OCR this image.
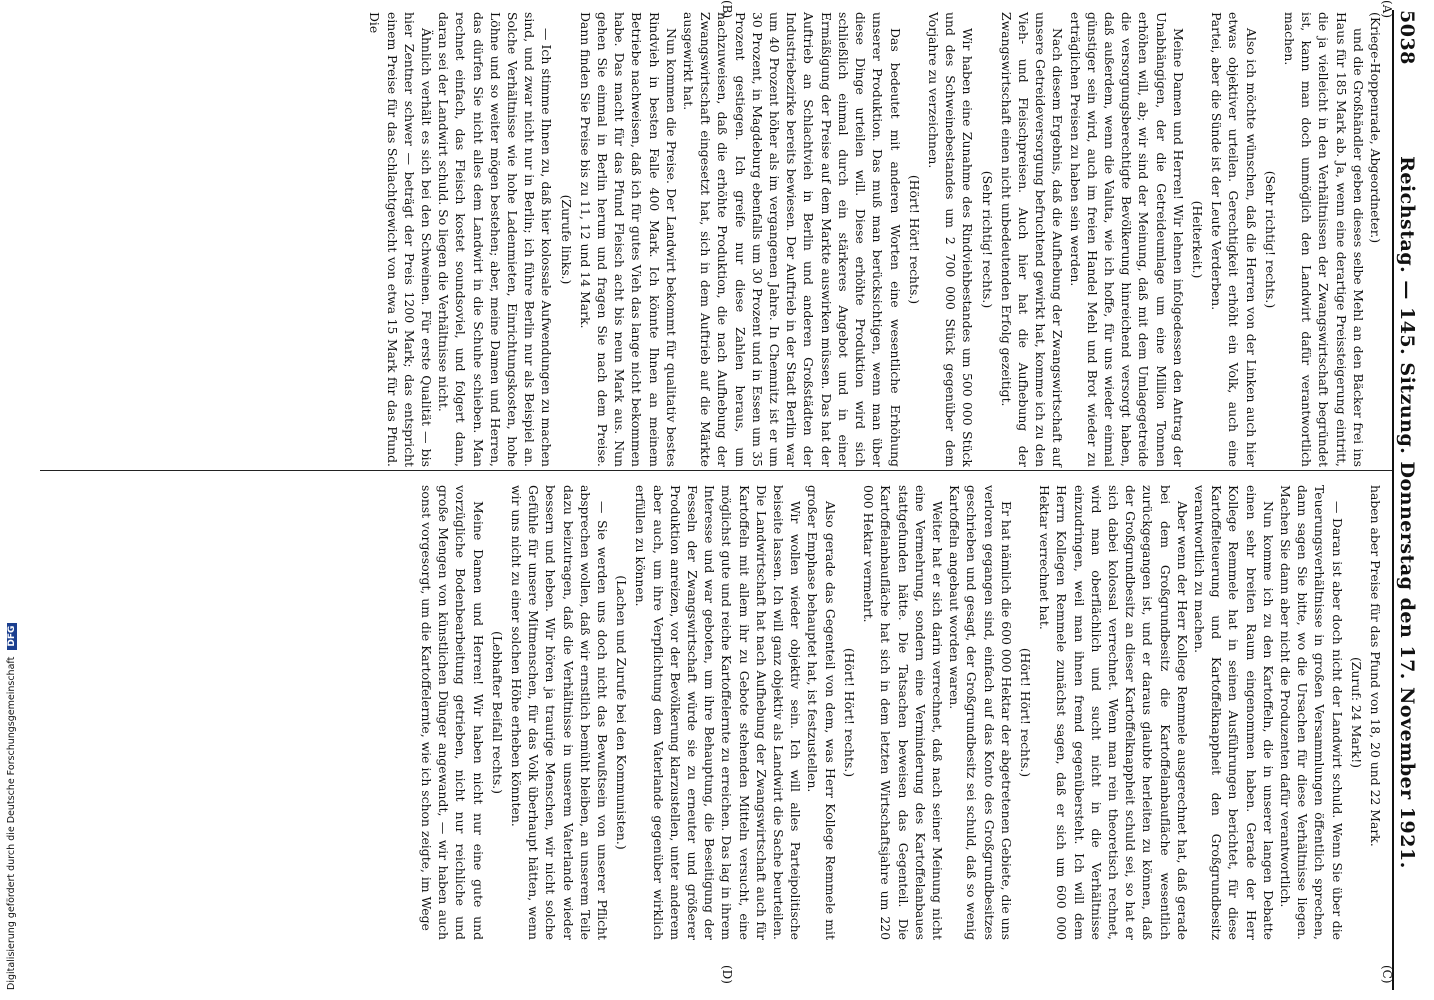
5038
Reichstag. — 145. Sitzung. Donnerstag den 17. November 1921.
(A)
(B)
(C)
(D)

(Kriege‑Hoppenrade, Abgeordneter.)

und die Großhändler geben dieses selbe Mehl an den Bäcker frei ins Haus für 185 Mark ab. Ja, wenn eine derartige Preissteigerung eintritt, die ja vielleicht in den Verhältnissen der Zwangswirtschaft begründet ist, kann man doch unmöglich den Landwirt dafür verantwortlich machen.

(Sehr richtig! rechts.)

Also ich möchte wünschen, daß die Herren von der Linken auch hier etwas objektiver urteilen. Gerechtigkeit erhöht ein Volk, auch eine Partei, aber die Sünde ist der Leute Verderben.

(Heiterkeit.)

Meine Damen und Herren! Wir lehnen infolgedessen den Antrag der Unabhängigen, der die Getreideumlage um eine Million Tonnen erhöhen will, ab; wir sind der Meinung, daß mit dem Umlagegetreide die versorgungsberechtigte Bevölkerung hinreichend versorgt haben, daß außerdem, wenn die Valuta, wie ich hoffe, für uns wieder einmal günstiger sein wird, auch im freien Handel Mehl und Brot wieder zu erträglichen Preisen zu haben sein werden.

Nach diesem Ergebnis, daß die Aufhebung der Zwangswirtschaft auf unsere Getreideversorgung befruchtend gewirkt hat, komme ich zu den Vieh‑ und Fleischpreisen. Auch hier hat die Aufhebung der Zwangswirtschaft einen nicht unbedeutenden Erfolg gezeitigt.

(Sehr richtig! rechts.)

Wir haben eine Zunahme des Rindviehbestandes um 500 000 Stück und des Schweinebestandes um 2 700 000 Stück gegenüber dem Vorjahre zu verzeichnen.

(Hört! Hört! rechts.)

Das bedeutet mit anderen Worten eine wesentliche Erhöhung unserer Produktion. Das muß man berücksichtigen, wenn man über diese Dinge urteilen will. Diese erhöhte Produktion wird sich schließlich einmal durch ein stärkeres Angebot und in einer Ermäßigung der Preise auf dem Markte auswirken müssen. Das hat der Auftrieb an Schlachtvieh in Berlin und anderen Großstädten der Industriebezirke bereits bewiesen. Der Auftrieb in der Stadt Berlin war um 40 Prozent höher als im vergangenen Jahre. In Chemnitz ist er um 30 Prozent, in Magdeburg ebenfalls um 30 Prozent und in Essen um 35 Prozent gestiegen. Ich greife nur diese Zahlen heraus, um nachzuweisen, daß die erhöhte Produktion, die nach Aufhebung der Zwangswirtschaft eingesetzt hat, sich in dem Auftrieb auf die Märkte ausgewirkt hat.

Nun kommen die Preise. Der Landwirt bekommt für qualitativ bestes Rindvieh in besten Falle 400 Mark. Ich könnte Ihnen an meinem Betriebe nachweisen, daß ich für gutes Vieh das lange nicht bekommen habe. Das macht für das Pfund Fleisch acht bis neun Mark aus. Nun gehen Sie einmal in Berlin herum und fragen Sie nach dem Preise. Dann finden Sie Preise bis zu 11, 12 und 14 Mark.

(Zurufe links.)

— Ich stimme Ihnen zu, daß hier kolossale Aufwendungen zu machen sind, und zwar nicht nur in Berlin; ich führe Berlin nur als Beispiel an. Solche Verhältnisse wie hohe Ladenmieten, Einrichtungskosten, hohe Löhne und so weiter mögen bestehen; aber, meine Damen und Herren, das dürfen Sie nicht alles dem Landwirt in die Schuhe schieben. Man rechnet einfach, das Fleisch kostet soundsoviel, und folgert dann, daran sei der Landwirt schuld. So liegen die Verhältnisse nicht.

Ähnlich verhält es sich bei den Schweinen. Für erste Qualität — bis hier Zentner schwer — beträgt der Preis 1200 Mark; das entspricht einem Preise für das Schlachtgewicht von etwa 15 Mark für das Pfund. Die

haben aber Preise für das Pfund von 18, 20 und 22 Mark.

(Zuruf: 24 Mark!)

— Daran ist aber doch nicht der Landwirt schuld. Wenn Sie über die Teuerungsverhältnisse in großen Versammlungen öffentlich sprechen, dann sagen Sie bitte, wo die Ursachen für diese Verhältnisse liegen. Machen Sie dann aber nicht die Produzenten dafür verantwortlich.

Nun komme ich zu den Kartoffeln, die in unserer langen Debatte einen sehr breiten Raum eingenommen haben. Gerade der Herr Kollege Remmele hat in seinen Ausführungen berichtet, für diese Kartoffelteuerung und Kartoffelknappheit den Großgrundbesitz verantwortlich zu machen.

Aber wenn der Herr Kollege Remmele ausgerechnet hat, daß gerade bei dem Großgrundbesitz die Kartoffelanbaufläche wesentlich zurückgegangen ist, und er daraus glaubte herleiten zu können, daß der Großgrundbesitz an dieser Kartoffelknappheit schuld sei, so hat er sich dabei kolossal verrechnet. Wenn man rein theoretisch rechnet, wird man oberflächlich und sucht nicht in die Verhältnisse einzudringen, weil man ihnen fremd gegenübersteht. Ich will dem Herrn Kollegen Remmele zunächst sagen, daß er sich um 600 000 Hektar verrechnet hat.

(Hört! Hört! rechts.)

Er hat nämlich die 600 000 Hektar der abgetretenen Gebiete, die uns verloren gegangen sind, einfach auf das Konto des Großgrundbesitzes geschrieben und gesagt, der Großgrundbesitz sei schuld, daß so wenig Kartoffeln angebaut worden waren.

Weiter hat er sich darin verrechnet, daß nach seiner Meinung nicht eine Vermehrung, sondern eine Verminderung des Kartoffelanbaues stattgefunden hätte. Die Tatsachen beweisen das Gegenteil. Die Kartoffelanbaufläche hat sich in dem letzten Wirtschaftsjahre um 220 000 Hektar vermehrt.

(Hört! Hört! rechts.)

Also gerade das Gegenteil von dem, was Herr Kollege Remmele mit großer Emphase behauptet hat, ist festzustellen.

Wir wollen wieder objektiv sein. Ich will alles Parteipolitische beiseite lassen. Ich will ganz objektiv als Landwirt die Sache beurteilen. Die Landwirtschaft hat nach Aufhebung der Zwangswirtschaft auch für Kartoffeln mit allem ihr zu Gebote stehenden Mitteln versucht, eine möglichst gute und reiche Kartoffelernte zu erreichen. Das lag in ihrem Interesse und war geboten, um ihre Behauptung, die Beseitigung der Fesseln der Zwangswirtschaft würde sie zu erneuter und größerer Produktion anreizen, vor der Bevölkerung klarzustellen, unter anderem aber auch, um ihre Verpflichtung dem Vaterlande gegenüber wirklich erfüllen zu können.

(Lachen und Zurufe bei den Kommunisten.)

— Sie werden uns doch nicht das Bewußtsein von unserer Pflicht absprechen wollen, daß wir ernstlich bemüht bleiben, an unserem Teile dazu beizutragen, daß die Verhältnisse in unserem Vaterlande wieder bessern und heben. Wir hören ja traurige Menschen, wir nicht solche Gefühle für unsere Mitmenschen, für das Volk überhaupt hätten, wenn wir uns nicht zu einer solchen Höhe erheben könnten.

(Lebhafter Beifall rechts.)

Meine Damen und Herren! Wir haben nicht nur eine gute und vorzügliche Bodenbearbeitung getrieben, nicht nur reichliche und große Mengen von künstlichen Dünger angewandt, — wir haben auch sonst vorgesorgt, um die Kartoffelernte, wie ich schon zeigte, im Wege

Digitalisierung gefördert durch die Deutsche Forschungsgemeinschaft DFG
